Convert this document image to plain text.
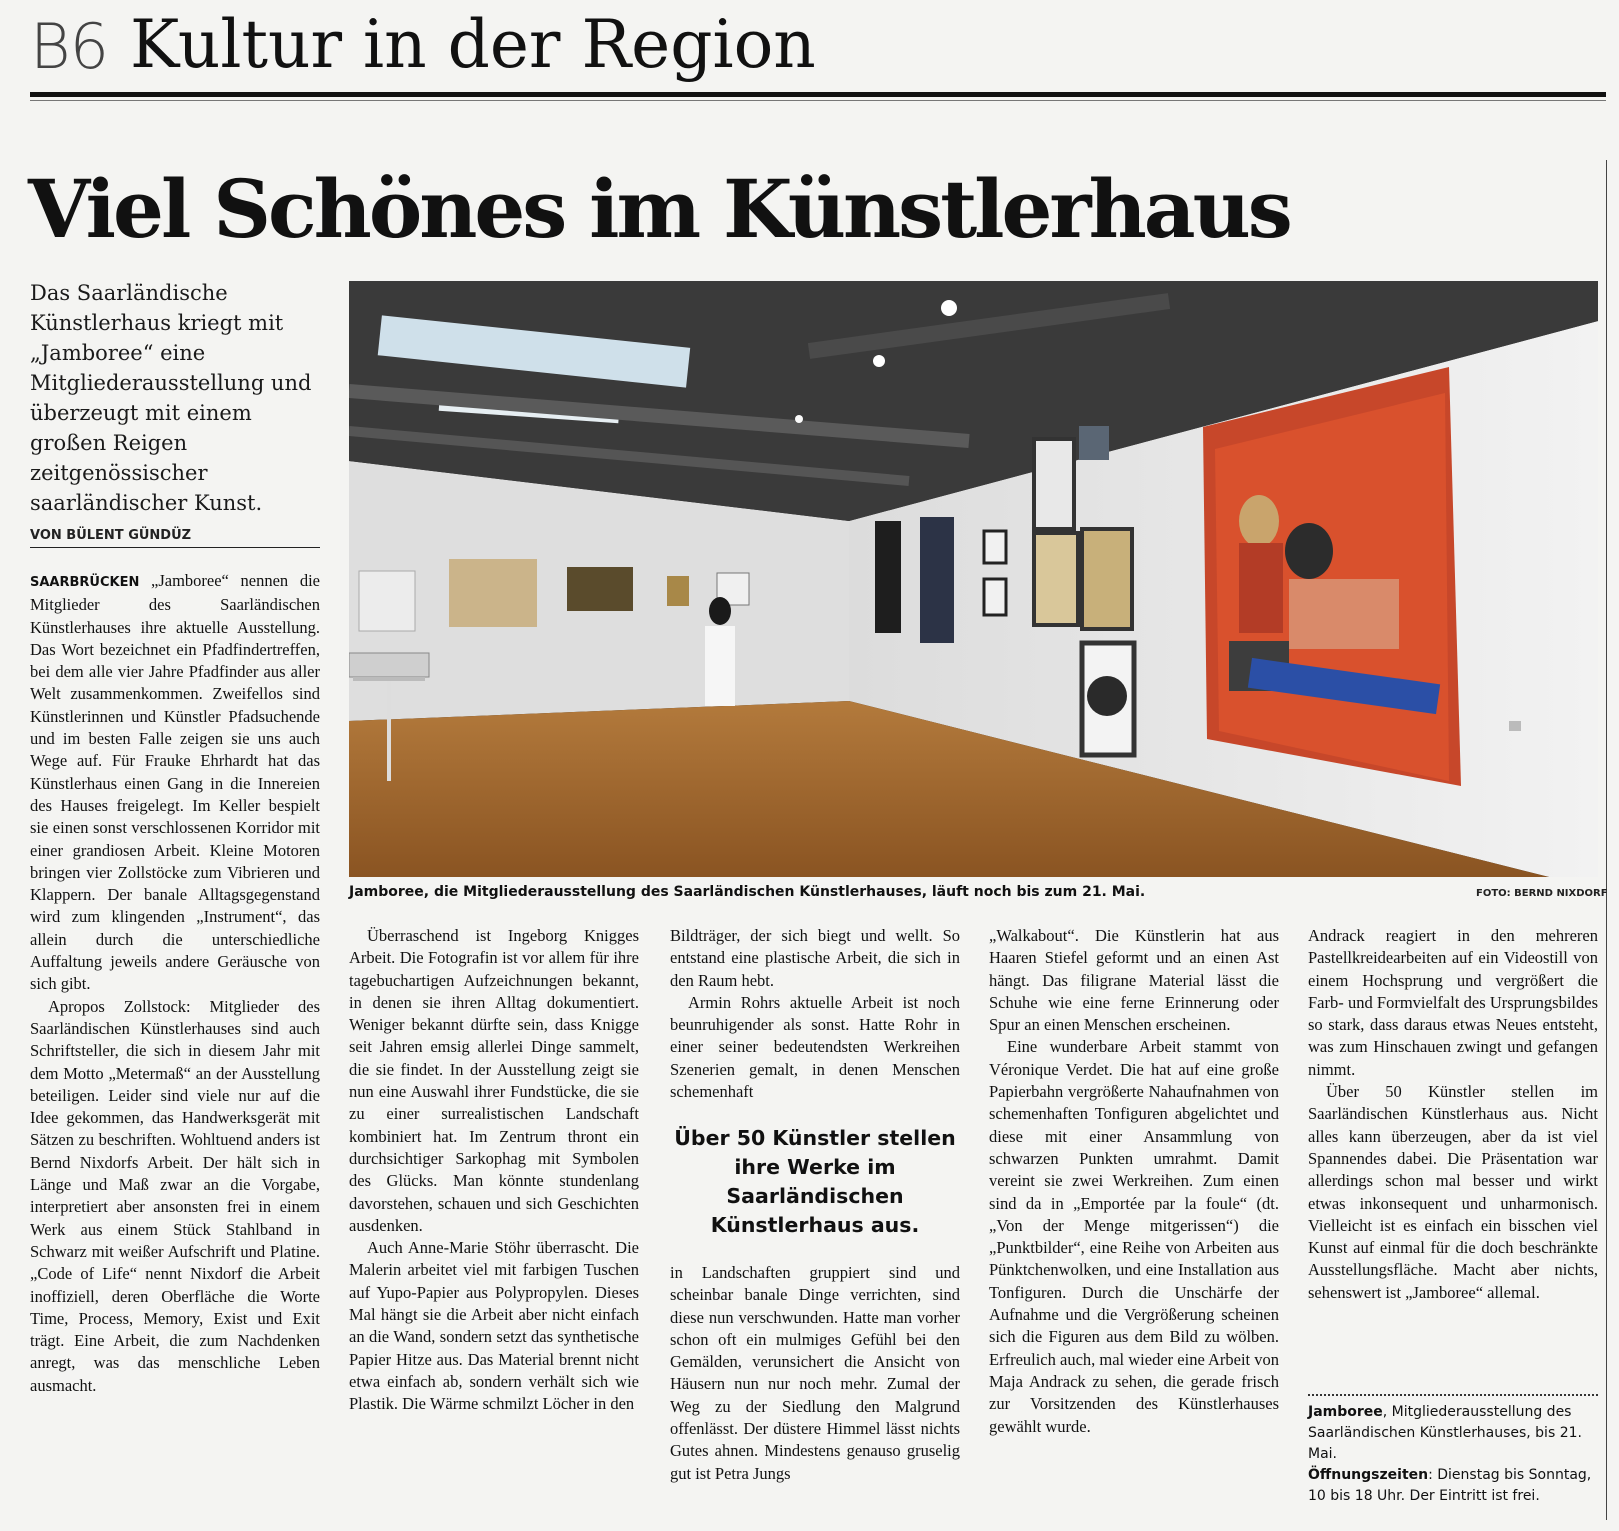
B6 Kultur in der Region
Viel Schönes im Künstlerhaus
Das Saarländische Künstlerhaus kriegt mit „Jamboree“ eine Mitgliederausstellung und überzeugt mit einem großen Reigen zeitgenössischer saarländischer Kunst.
VON BÜLENT GÜNDÜZ

SAARBRÜCKEN „Jamboree“ nennen die Mitglieder des Saarländischen Künstlerhauses ihre aktuelle Ausstellung. Das Wort bezeichnet ein Pfadfindertreffen, bei dem alle vier Jahre Pfadfinder aus aller Welt zusammenkommen. Zweifellos sind Künstlerinnen und Künstler Pfadsuchende und im besten Falle zeigen sie uns auch Wege auf. Für Frauke Ehrhardt hat das Künstlerhaus einen Gang in die Innereien des Hauses freigelegt. Im Keller bespielt sie einen sonst verschlossenen Korridor mit einer grandiosen Arbeit. Kleine Motoren bringen vier Zollstöcke zum Vibrieren und Klappern. Der banale Alltagsgegenstand wird zum klingenden „Instrument“, das allein durch die unterschiedliche Auffaltung jeweils andere Geräusche von sich gibt.

Apropos Zollstock: Mitglieder des Saarländischen Künstlerhauses sind auch Schriftsteller, die sich in diesem Jahr mit dem Motto „Metermaß“ an der Ausstellung beteiligen. Leider sind viele nur auf die Idee gekommen, das Handwerksgerät mit Sätzen zu beschriften. Wohltuend anders ist Bernd Nixdorfs Arbeit. Der hält sich in Länge und Maß zwar an die Vorgabe, interpretiert aber ansonsten frei in einem Werk aus einem Stück Stahlband in Schwarz mit weißer Aufschrift und Platine. „Code of Life“ nennt Nixdorf die Arbeit inoffiziell, deren Oberfläche die Worte Time, Process, Memory, Exist und Exit trägt. Eine Arbeit, die zum Nachdenken anregt, was das menschliche Leben ausmacht.

Jamboree, die Mitgliederausstellung des Saarländischen Künstlerhauses, läuft noch bis zum 21. Mai.	FOTO: BERND NIXDORF

Überraschend ist Ingeborg Knigges Arbeit. Die Fotografin ist vor allem für ihre tagebuchartigen Aufzeichnungen bekannt, in denen sie ihren Alltag dokumentiert. Weniger bekannt dürfte sein, dass Knigge seit Jahren emsig allerlei Dinge sammelt, die sie findet. In der Ausstellung zeigt sie nun eine Auswahl ihrer Fundstücke, die sie zu einer surrealistischen Landschaft kombiniert hat. Im Zentrum thront ein durchsichtiger Sarkophag mit Symbolen des Glücks. Man könnte stundenlang davorstehen, schauen und sich Geschichten ausdenken.

Auch Anne-Marie Stöhr überrascht. Die Malerin arbeitet viel mit farbigen Tuschen auf Yupo-Papier aus Polypropylen. Dieses Mal hängt sie die Arbeit aber nicht einfach an die Wand, sondern setzt das synthetische Papier Hitze aus. Das Material brennt nicht etwa einfach ab, sondern verhält sich wie Plastik. Die Wärme schmilzt Löcher in den

Bildträger, der sich biegt und wellt. So entstand eine plastische Arbeit, die sich in den Raum hebt.

Armin Rohrs aktuelle Arbeit ist noch beunruhigender als sonst. Hatte Rohr in einer seiner bedeutendsten Werkreihen Szenerien gemalt, in denen Menschen schemenhaft

Über 50 Künstler stellen ihre Werke im Saarländischen Künstlerhaus aus.

in Landschaften gruppiert sind und scheinbar banale Dinge verrichten, sind diese nun verschwunden. Hatte man vorher schon oft ein mulmiges Gefühl bei den Gemälden, verunsichert die Ansicht von Häusern nun nur noch mehr. Zumal der Weg zu der Siedlung den Malgrund offenlässt. Der düstere Himmel lässt nichts Gutes ahnen. Mindestens genauso gruselig gut ist Petra Jungs

„Walkabout“. Die Künstlerin hat aus Haaren Stiefel geformt und an einen Ast hängt. Das filigrane Material lässt die Schuhe wie eine ferne Erinnerung oder Spur an einen Menschen erscheinen.

Eine wunderbare Arbeit stammt von Véronique Verdet. Die hat auf eine große Papierbahn vergrößerte Nahaufnahmen von schemenhaften Tonfiguren abgelichtet und diese mit einer Ansammlung von schwarzen Punkten umrahmt. Damit vereint sie zwei Werkreihen. Zum einen sind da in „Emportée par la foule“ (dt. „Von der Menge mitgerissen“) die „Punktbilder“, eine Reihe von Arbeiten aus Pünktchenwolken, und eine Installation aus Tonfiguren. Durch die Unschärfe der Aufnahme und die Vergrößerung scheinen sich die Figuren aus dem Bild zu wölben. Erfreulich auch, mal wieder eine Arbeit von Maja Andrack zu sehen, die gerade frisch zur Vorsitzenden des Künstlerhauses gewählt wurde.

Andrack reagiert in den mehreren Pastellkreidearbeiten auf ein Videostill von einem Hochsprung und vergrößert die Farb- und Formvielfalt des Ursprungsbildes so stark, dass daraus etwas Neues entsteht, was zum Hinschauen zwingt und gefangen nimmt.

Über 50 Künstler stellen im Saarländischen Künstlerhaus aus. Nicht alles kann überzeugen, aber da ist viel Spannendes dabei. Die Präsentation war allerdings schon mal besser und wirkt etwas inkonsequent und unharmonisch. Vielleicht ist es einfach ein bisschen viel Kunst auf einmal für die doch beschränkte Ausstellungsfläche. Macht aber nichts, sehenswert ist „Jamboree“ allemal.

Jamboree, Mitgliederausstellung des Saarländischen Künstlerhauses, bis 21. Mai.
Öffnungszeiten: Dienstag bis Sonntag, 10 bis 18 Uhr. Der Eintritt ist frei.
